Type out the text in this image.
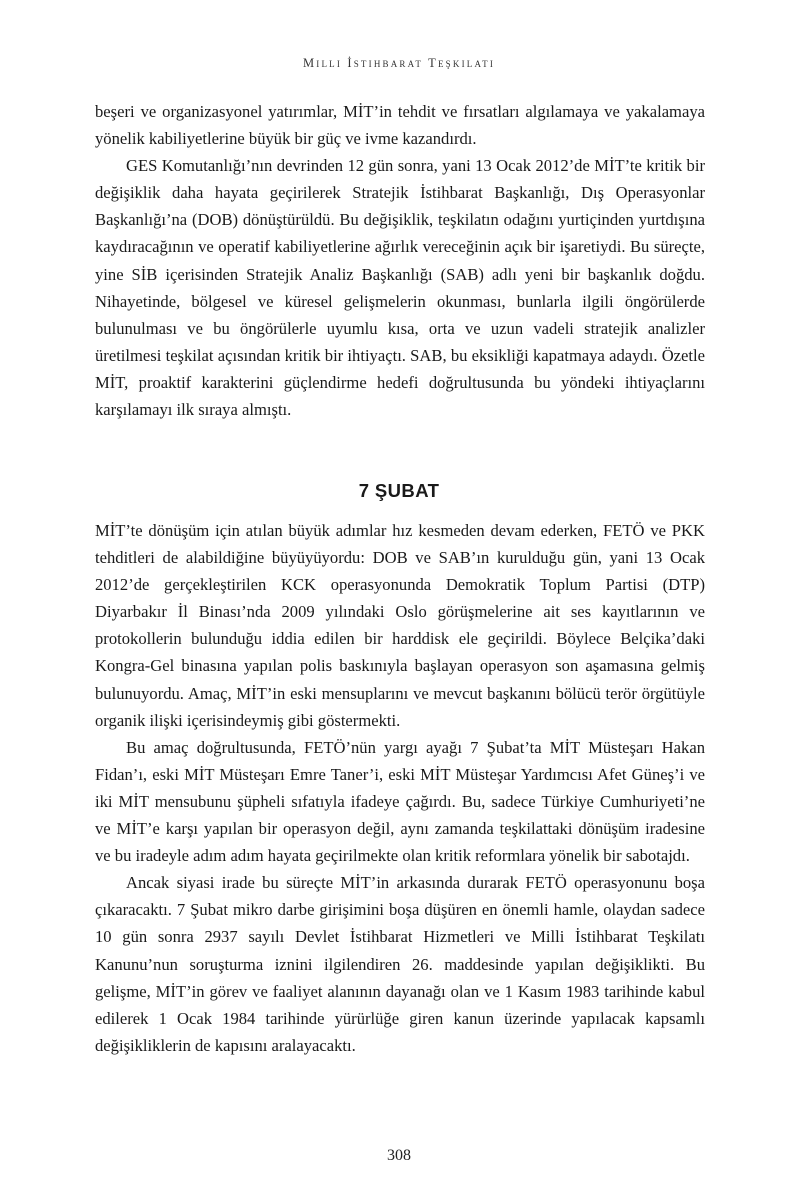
Milli İstihbarat Teşkilatı

beşeri ve organizasyonel yatırımlar, MİT’in tehdit ve fırsatları algılamaya ve yakalamaya yönelik kabiliyetlerine büyük bir güç ve ivme kazandırdı.

GES Komutanlığı’nın devrinden 12 gün sonra, yani 13 Ocak 2012’de MİT’te kritik bir değişiklik daha hayata geçirilerek Stratejik İstihbarat Başkanlığı, Dış Operasyonlar Başkanlığı’na (DOB) dönüştürüldü. Bu değişiklik, teşkilatın odağını yurtiçinden yurtdışına kaydıracağının ve operatif kabiliyetlerine ağırlık vereceğinin açık bir işaretiydi. Bu süreçte, yine SİB içerisinden Stratejik Analiz Başkanlığı (SAB) adlı yeni bir başkanlık doğdu. Nihayetinde, bölgesel ve küresel gelişmelerin okunması, bunlarla ilgili öngörülerde bulunulması ve bu öngörülerle uyumlu kısa, orta ve uzun vadeli stratejik analizler üretilmesi teşkilat açısından kritik bir ihtiyaçtı. SAB, bu eksikliği kapatmaya adaydı. Özetle MİT, proaktif karakterini güçlendirme hedefi doğrultusunda bu yöndeki ihtiyaçlarını karşılamayı ilk sıraya almıştı.

7 ŞUBAT

MİT’te dönüşüm için atılan büyük adımlar hız kesmeden devam ederken, FETÖ ve PKK tehditleri de alabildiğine büyüyüyordu: DOB ve SAB’ın kurulduğu gün, yani 13 Ocak 2012’de gerçekleştirilen KCK operasyonunda Demokratik Toplum Partisi (DTP) Diyarbakır İl Binası’nda 2009 yılındaki Oslo görüşmelerine ait ses kayıtlarının ve protokollerin bulunduğu iddia edilen bir harddisk ele geçirildi. Böylece Belçika’daki Kongra-Gel binasına yapılan polis baskınıyla başlayan operasyon son aşamasına gelmiş bulunuyordu. Amaç, MİT’in eski mensuplarını ve mevcut başkanını bölücü terör örgütüyle organik ilişki içerisindeymiş gibi göstermekti.

Bu amaç doğrultusunda, FETÖ’nün yargı ayağı 7 Şubat’ta MİT Müsteşarı Hakan Fidan’ı, eski MİT Müsteşarı Emre Taner’i, eski MİT Müsteşar Yardımcısı Afet Güneş’i ve iki MİT mensubunu şüpheli sıfatıyla ifadeye çağırdı. Bu, sadece Türkiye Cumhuriyeti’ne ve MİT’e karşı yapılan bir operasyon değil, aynı zamanda teşkilattaki dönüşüm iradesine ve bu iradeyle adım adım hayata geçirilmekte olan kritik reformlara yönelik bir sabotajdı.

Ancak siyasi irade bu süreçte MİT’in arkasında durarak FETÖ operasyonunu boşa çıkaracaktı. 7 Şubat mikro darbe girişimini boşa düşüren en önemli hamle, olaydan sadece 10 gün sonra 2937 sayılı Devlet İstihbarat Hizmetleri ve Milli İstihbarat Teşkilatı Kanunu’nun soruşturma iznini ilgilendiren 26. maddesinde yapılan değişiklikti. Bu gelişme, MİT’in görev ve faaliyet alanının dayanağı olan ve 1 Kasım 1983 tarihinde kabul edilerek 1 Ocak 1984 tarihinde yürürlüğe giren kanun üzerinde yapılacak kapsamlı değişikliklerin de kapısını aralayacaktı.

308
